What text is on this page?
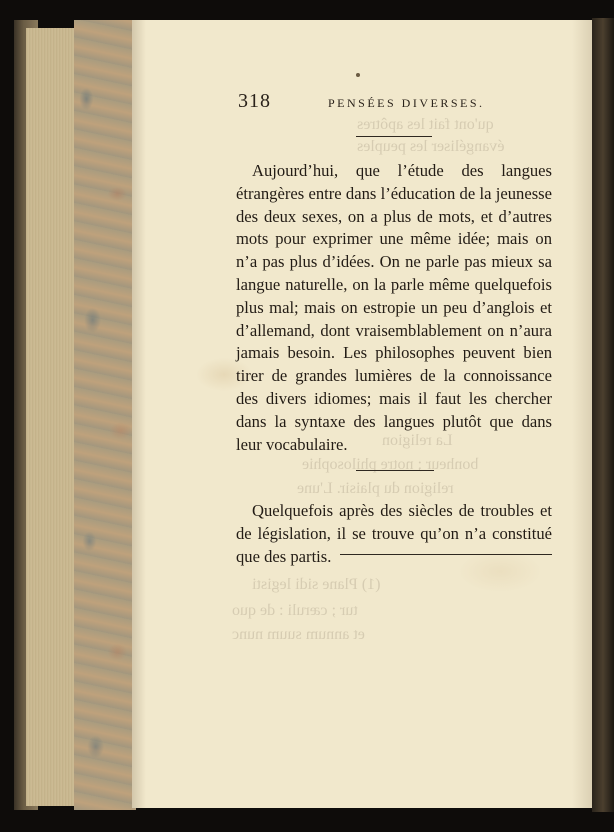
qu'ont fait les apôtres
évangéliser les peuples
La religion
bonheur ; notre philosophie
religion du plaisir. L'une
(1) Plane sidi legisti
tur ; cæruli : de quo
et annum suum nunc
318	PENSÉES DIVERSES.

Aujourd’hui, que l’étude des langues étrangères entre dans l’éducation de la jeunesse des deux sexes, on a plus de mots, et d’autres mots pour exprimer une même idée; mais on n’a pas plus d’idées. On ne parle pas mieux sa langue naturelle, on la parle même quelquefois plus mal; mais on estropie un peu d’anglois et d’allemand, dont vraisemblablement on n’aura jamais besoin. Les philosophes peuvent bien tirer de grandes lumières de la connoissance des divers idiomes; mais il faut les chercher dans la syntaxe des langues plutôt que dans leur vocabulaire.

Quelquefois après des siècles de troubles et de législation, il se trouve qu’on n’a constitué que des partis.
